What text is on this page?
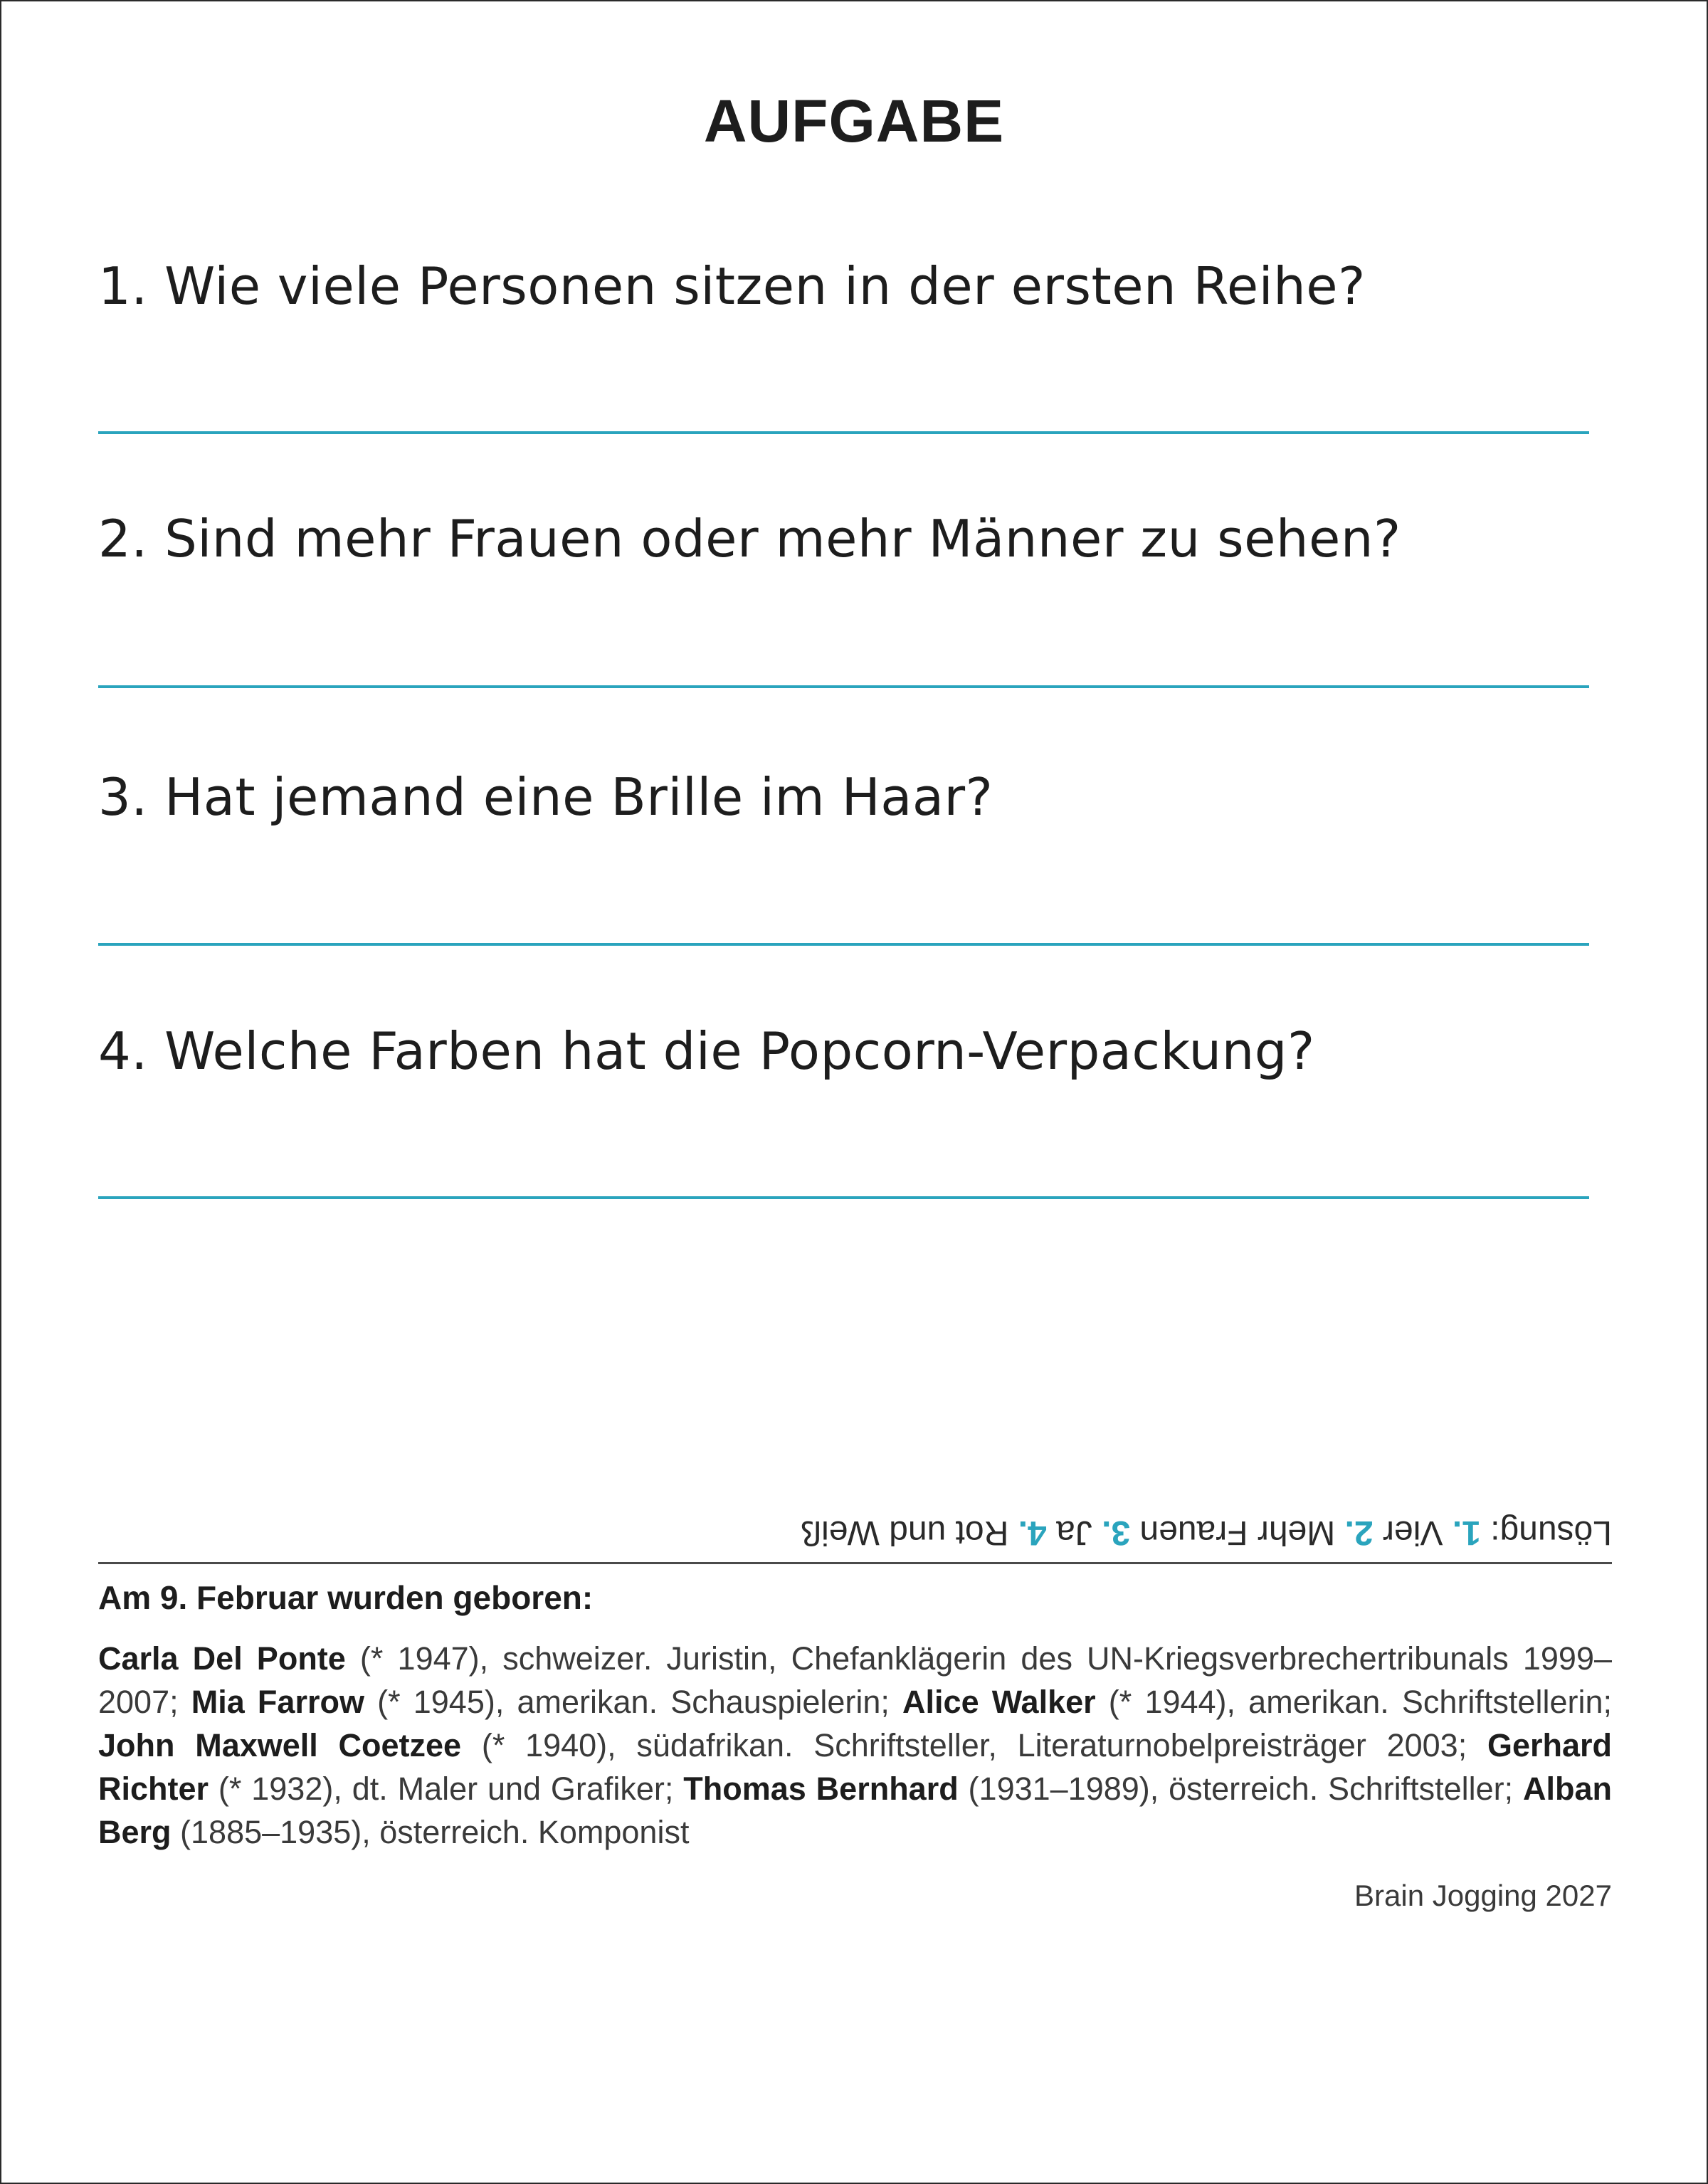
AUFGABE
1. Wie viele Personen sitzen in der ersten Reihe?
2. Sind mehr Frauen oder mehr Männer zu sehen?
3. Hat jemand eine Brille im Haar?
4. Welche Farben hat die Popcorn-Verpackung?
Lösung: 1. Vier 2. Mehr Frauen 3. Ja 4. Rot und Weiß
Am 9. Februar wurden geboren:
Carla Del Ponte (* 1947), schweizer. Juristin, Chefanklägerin des UN-Kriegsverbrechertribunals 1999–2007; Mia Farrow (* 1945), amerikan. Schauspielerin; Alice Walker (* 1944), amerikan. Schriftstellerin; John Maxwell Coetzee (* 1940), südafrikan. Schriftsteller, Literaturnobelpreisträger 2003; Gerhard Richter (* 1932), dt. Maler und Grafiker; Thomas Bernhard (1931–1989), österreich. Schriftsteller; Alban Berg (1885–1935), österreich. Komponist
Brain Jogging 2027
